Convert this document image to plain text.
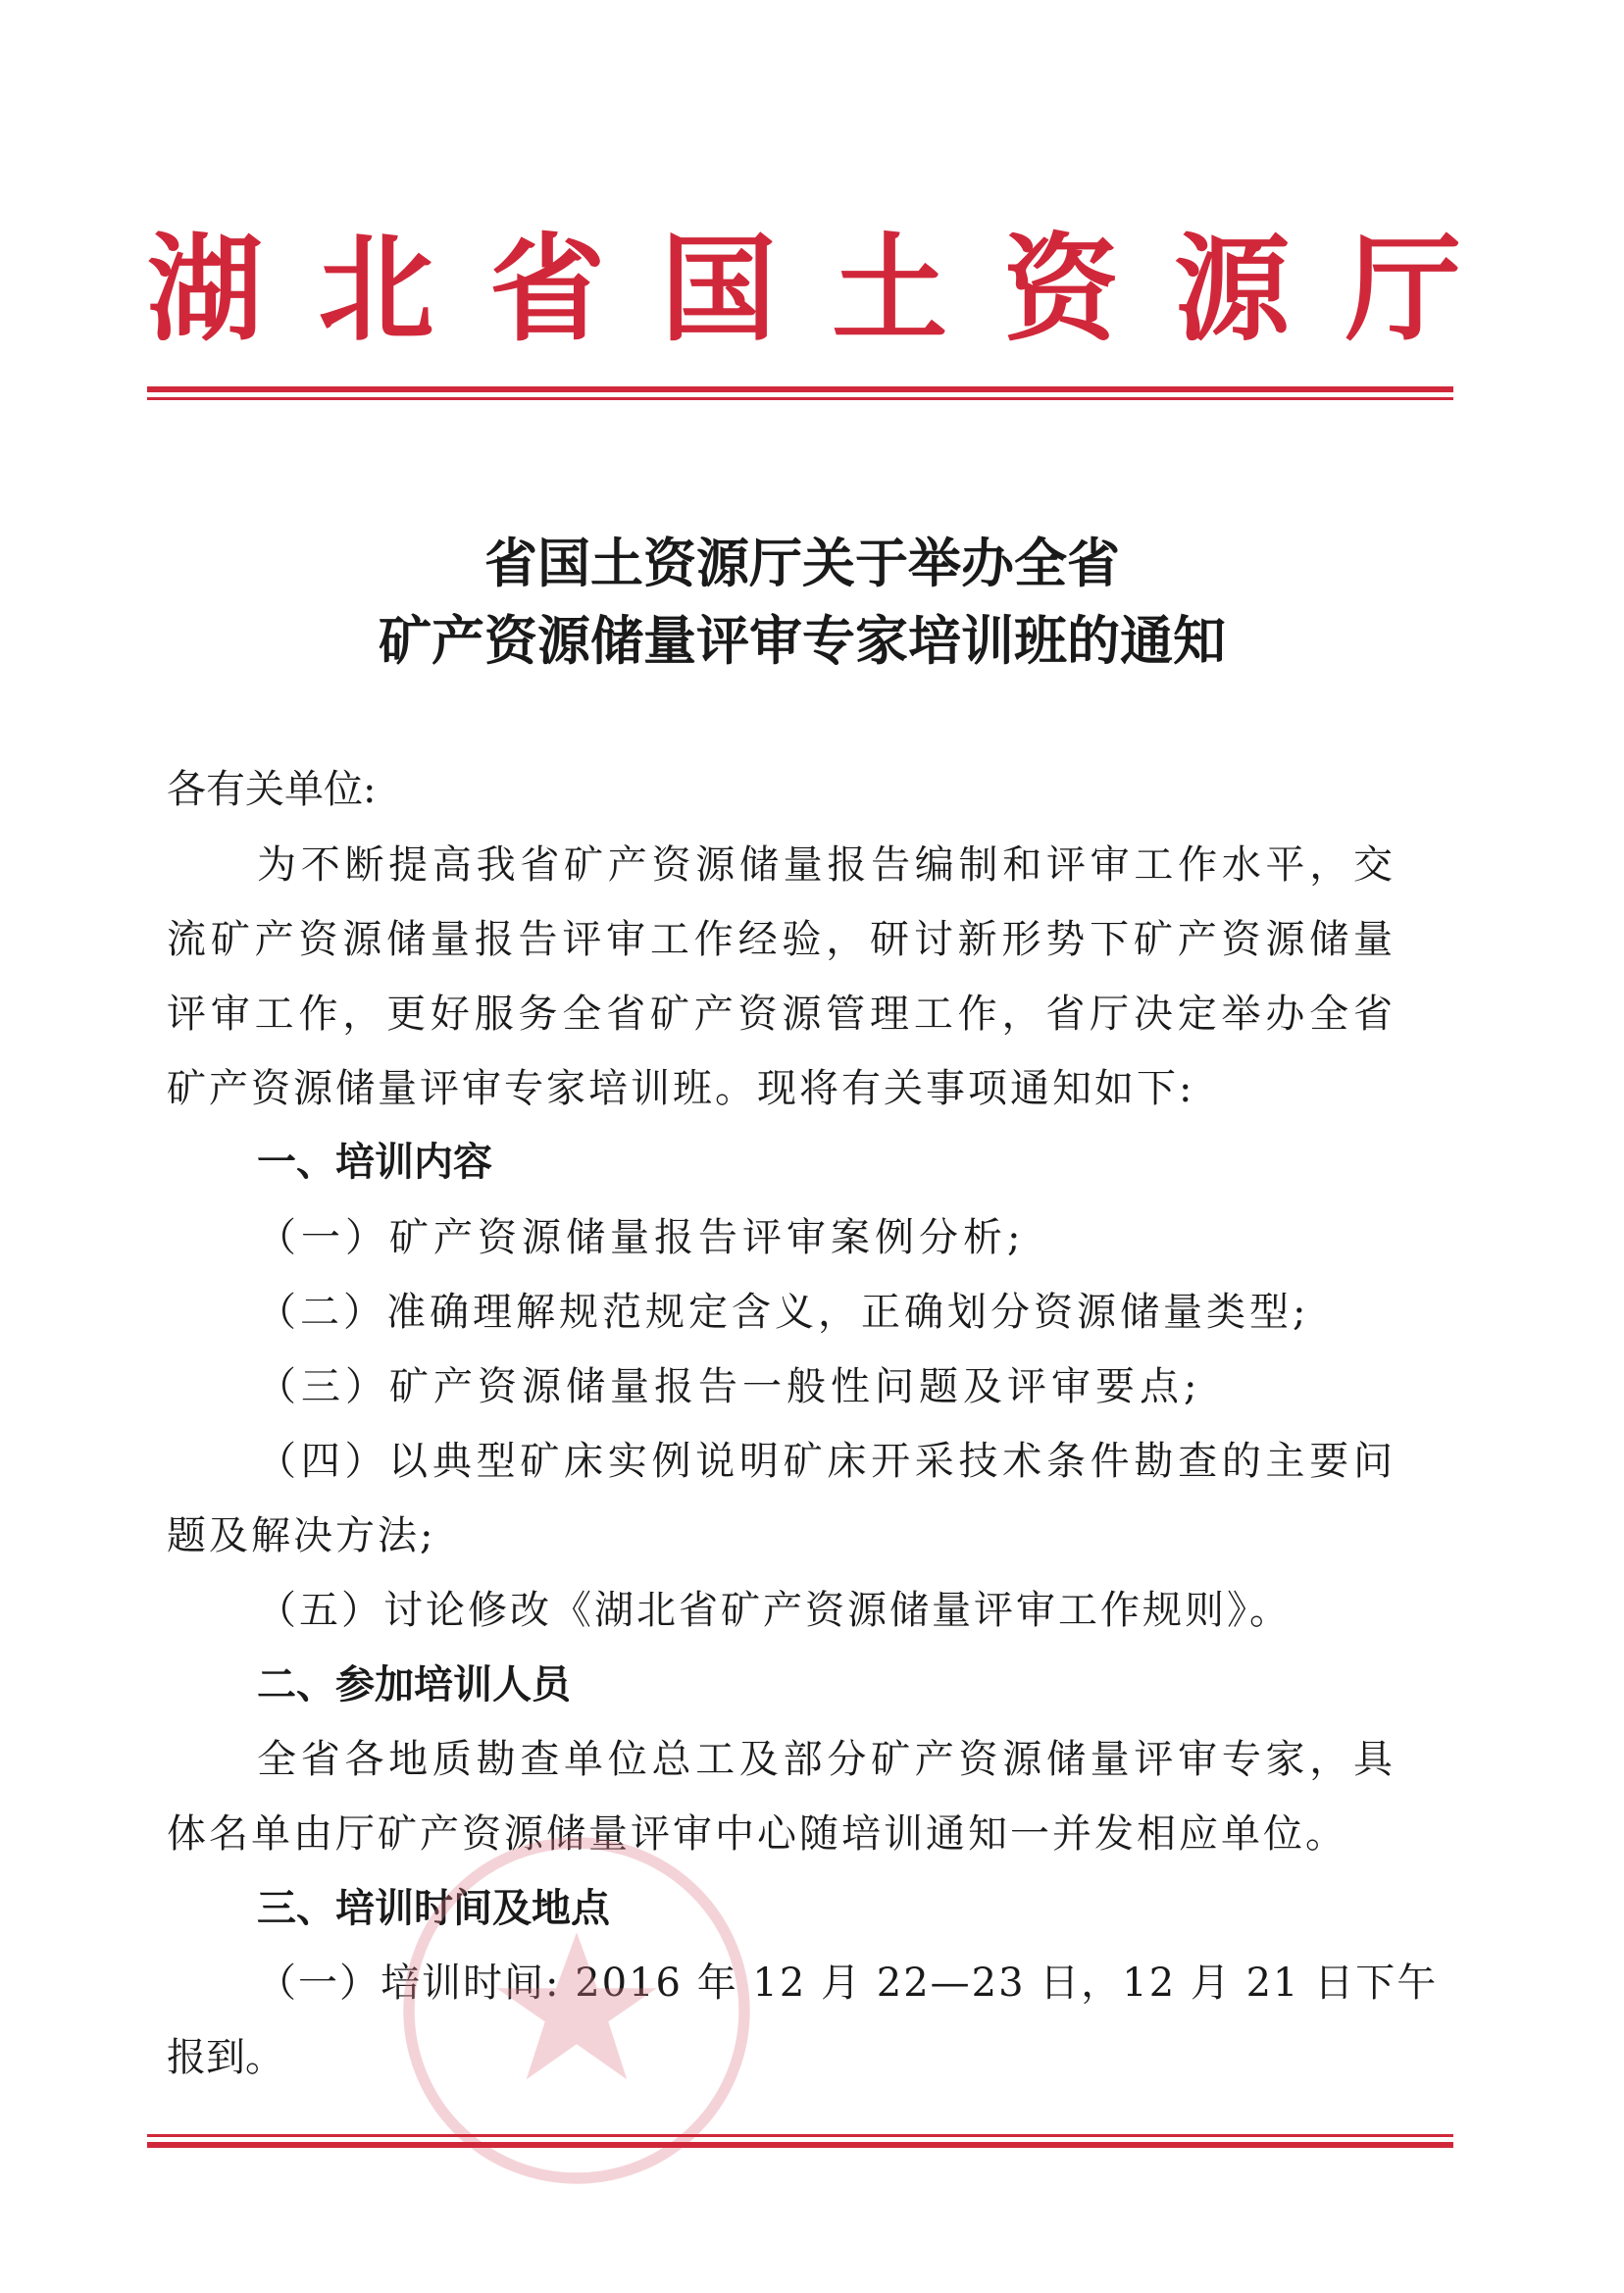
湖 北 省 国 土 资 源 厅
省国土资源厅关于举办全省
矿产资源储量评审专家培训班的通知
各有关单位:
为 不 断 提 高 我 省 矿 产 资 源 储 量 报 告 编 制 和 评 审 工 作 水 平 ， 交
流 矿 产 资 源 储 量 报 告 评 审 工 作 经 验 ， 研 讨 新 形 势 下 矿 产 资 源 储 量
评 审 工 作 ， 更 好 服 务 全 省 矿 产 资 源 管 理 工 作 ， 省 厅 决 定 举 办 全 省
矿产资源储量评审专家培训班。现将有关事项通知如下:
一、培训内容
（一）矿产资源储量报告评审案例分析;
（二）准确理解规范规定含义，正确划分资源储量类型;
（三）矿产资源储量报告一般性问题及评审要点;
（ 四 ） 以 典 型 矿 床 实 例 说 明 矿 床 开 采 技 术 条 件 勘 查 的 主 要 问
题及解决方法;
（五）讨论修改《湖北省矿产资源储量评审工作规则》。
二、参加培训人员
全 省 各 地 质 勘 查 单 位 总 工 及 部 分 矿 产 资 源 储 量 评 审 专 家 ， 具
体名单由厅矿产资源储量评审中心随培训通知一并发相应单位。
三、培训时间及地点
（一）培训时间: 2016 年 12 月 22—23 日，12 月 21 日下午
报到。
